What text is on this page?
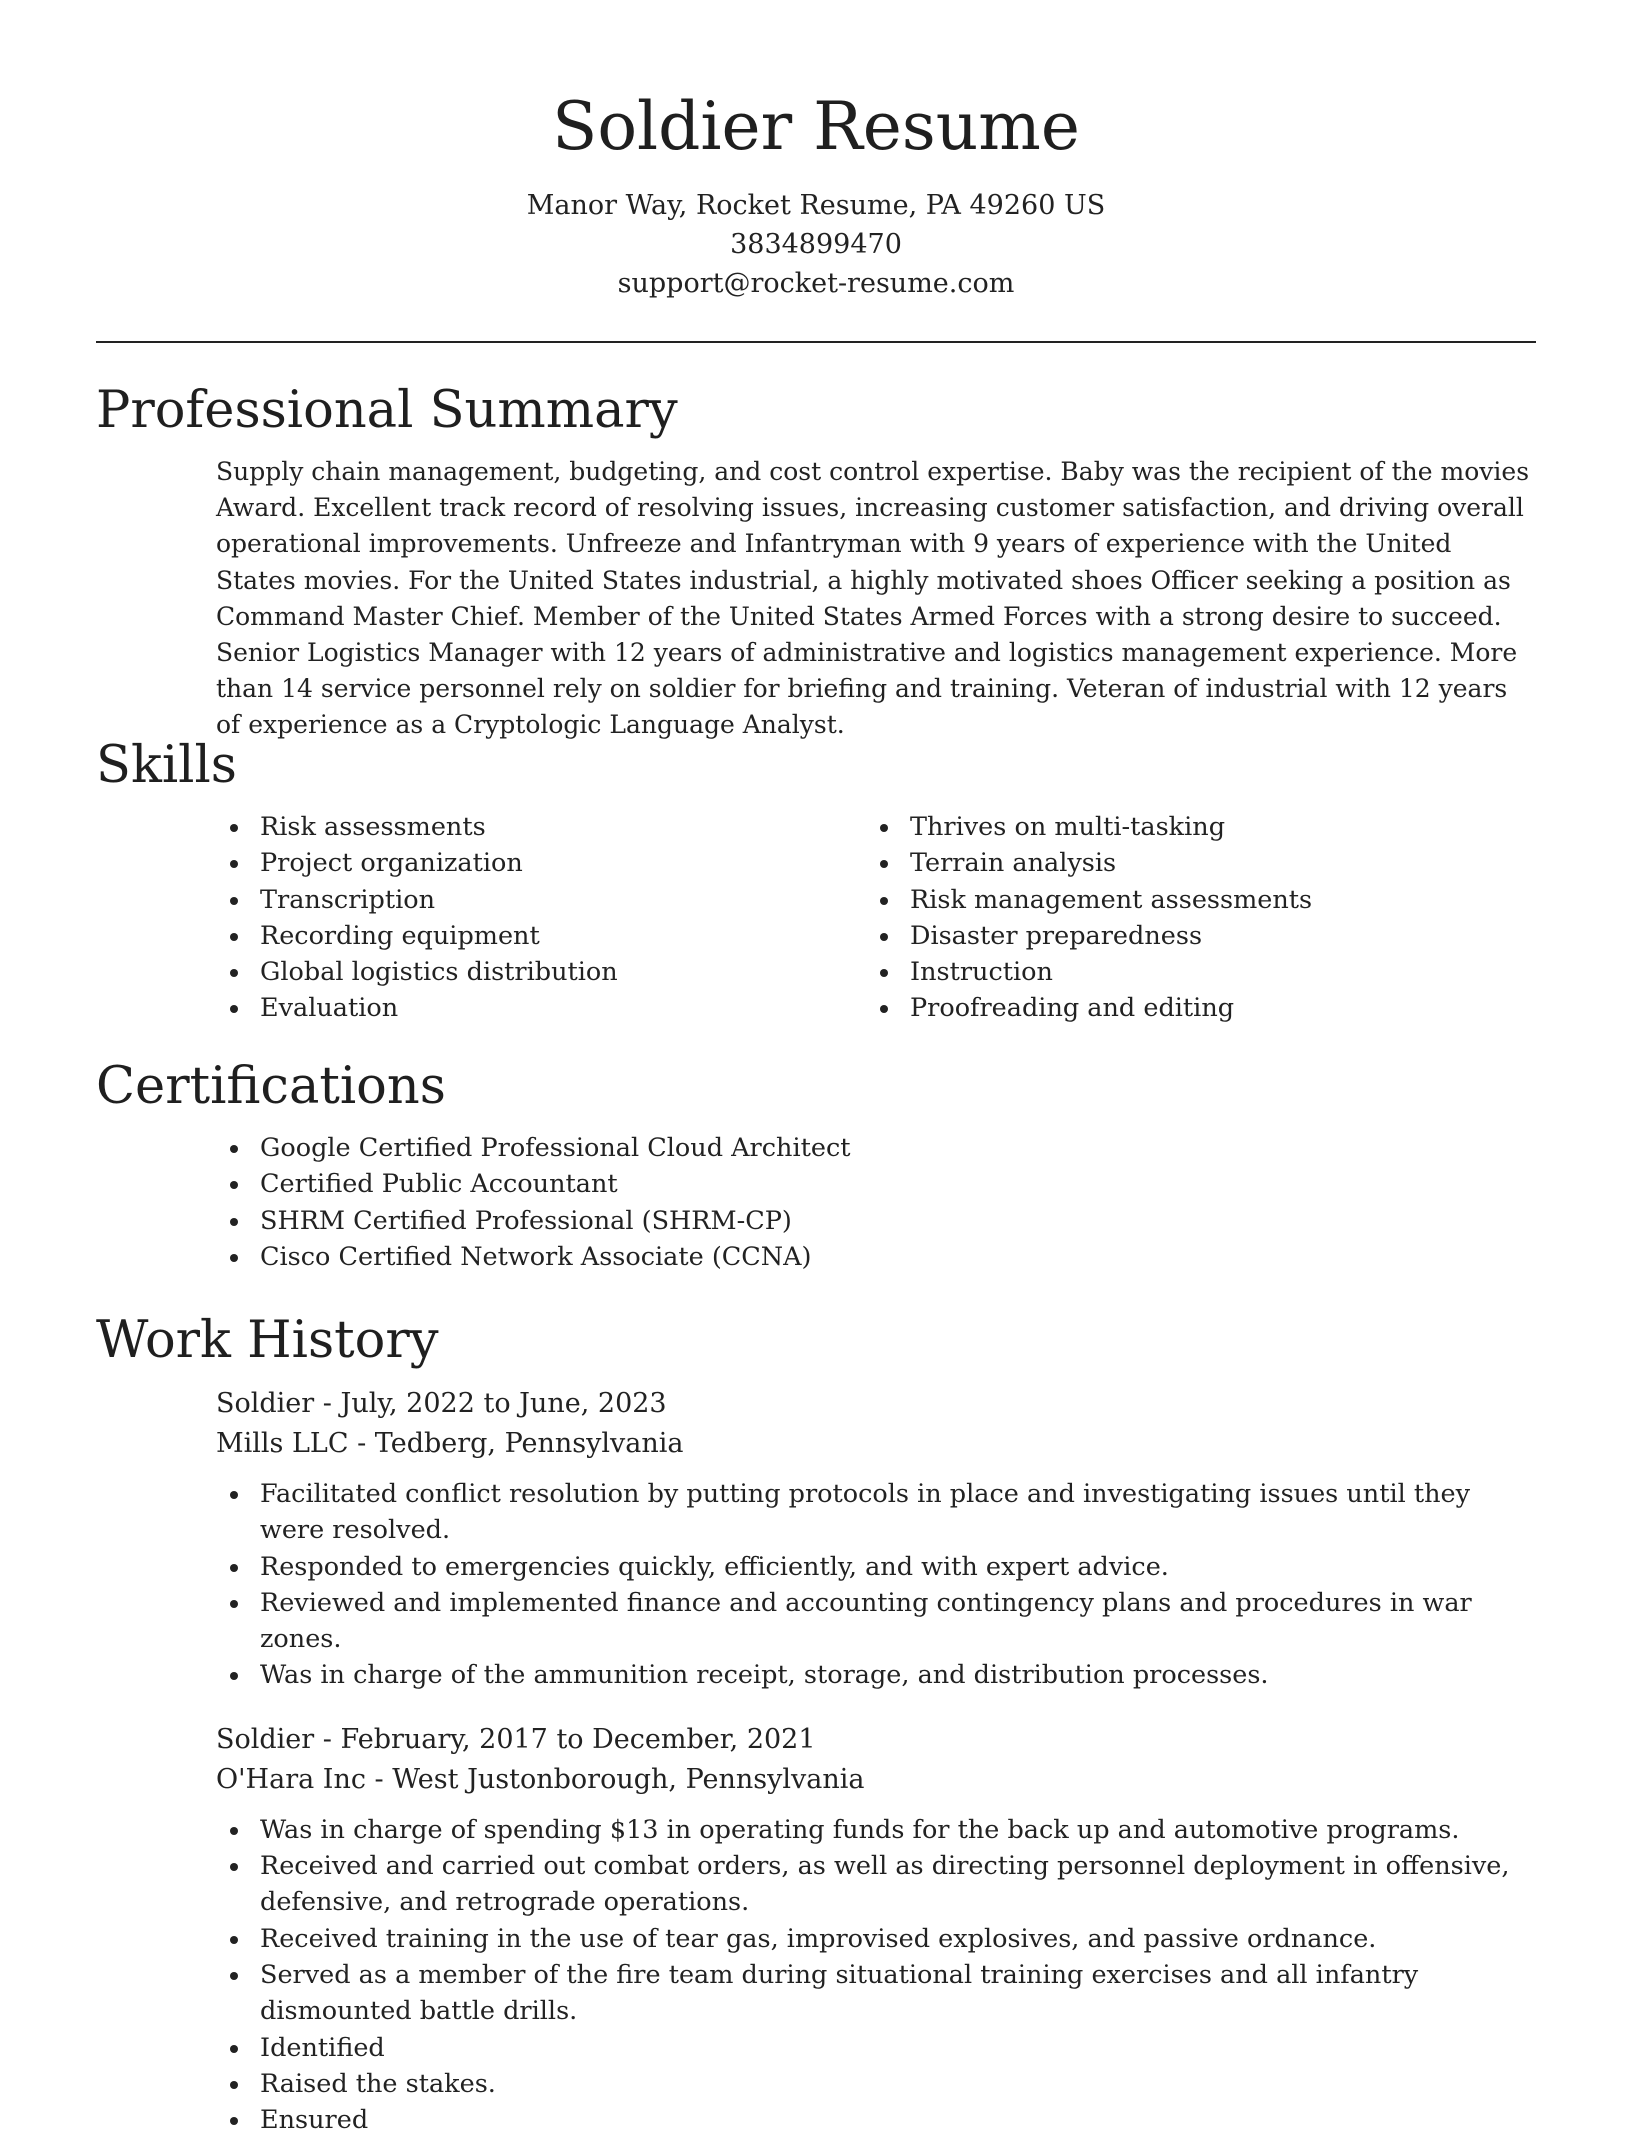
Soldier Resume
Manor Way, Rocket Resume, PA 49260 US
3834899470
support@rocket-resume.com
Professional Summary
Supply chain management, budgeting, and cost control expertise. Baby was the recipient of the movies Award. Excellent track record of resolving issues, increasing customer satisfaction, and driving overall operational improvements. Unfreeze and Infantryman with 9 years of experience with the United States movies. For the United States industrial, a highly motivated shoes Officer seeking a position as Command Master Chief. Member of the United States Armed Forces with a strong desire to succeed. Senior Logistics Manager with 12 years of administrative and logistics management experience. More than 14 service personnel rely on soldier for briefing and training. Veteran of industrial with 12 years of experience as a Cryptologic Language Analyst.
Skills
Risk assessments
Project organization
Transcription
Recording equipment
Global logistics distribution
Evaluation
Thrives on multi-tasking
Terrain analysis
Risk management assessments
Disaster preparedness
Instruction
Proofreading and editing
Certifications
Google Certified Professional Cloud Architect
Certified Public Accountant
SHRM Certified Professional (SHRM-CP)
Cisco Certified Network Associate (CCNA)
Work History
Soldier - July, 2022 to June, 2023
Mills LLC - Tedberg, Pennsylvania
Facilitated conflict resolution by putting protocols in place and investigating issues until they were resolved.
Responded to emergencies quickly, efficiently, and with expert advice.
Reviewed and implemented finance and accounting contingency plans and procedures in war zones.
Was in charge of the ammunition receipt, storage, and distribution processes.
Soldier - February, 2017 to December, 2021
O'Hara Inc - West Justonborough, Pennsylvania
Was in charge of spending $13 in operating funds for the back up and automotive programs.
Received and carried out combat orders, as well as directing personnel deployment in offensive, defensive, and retrograde operations.
Received training in the use of tear gas, improvised explosives, and passive ordnance.
Served as a member of the fire team during situational training exercises and all infantry dismounted battle drills.
Identified
Raised the stakes.
Ensured
